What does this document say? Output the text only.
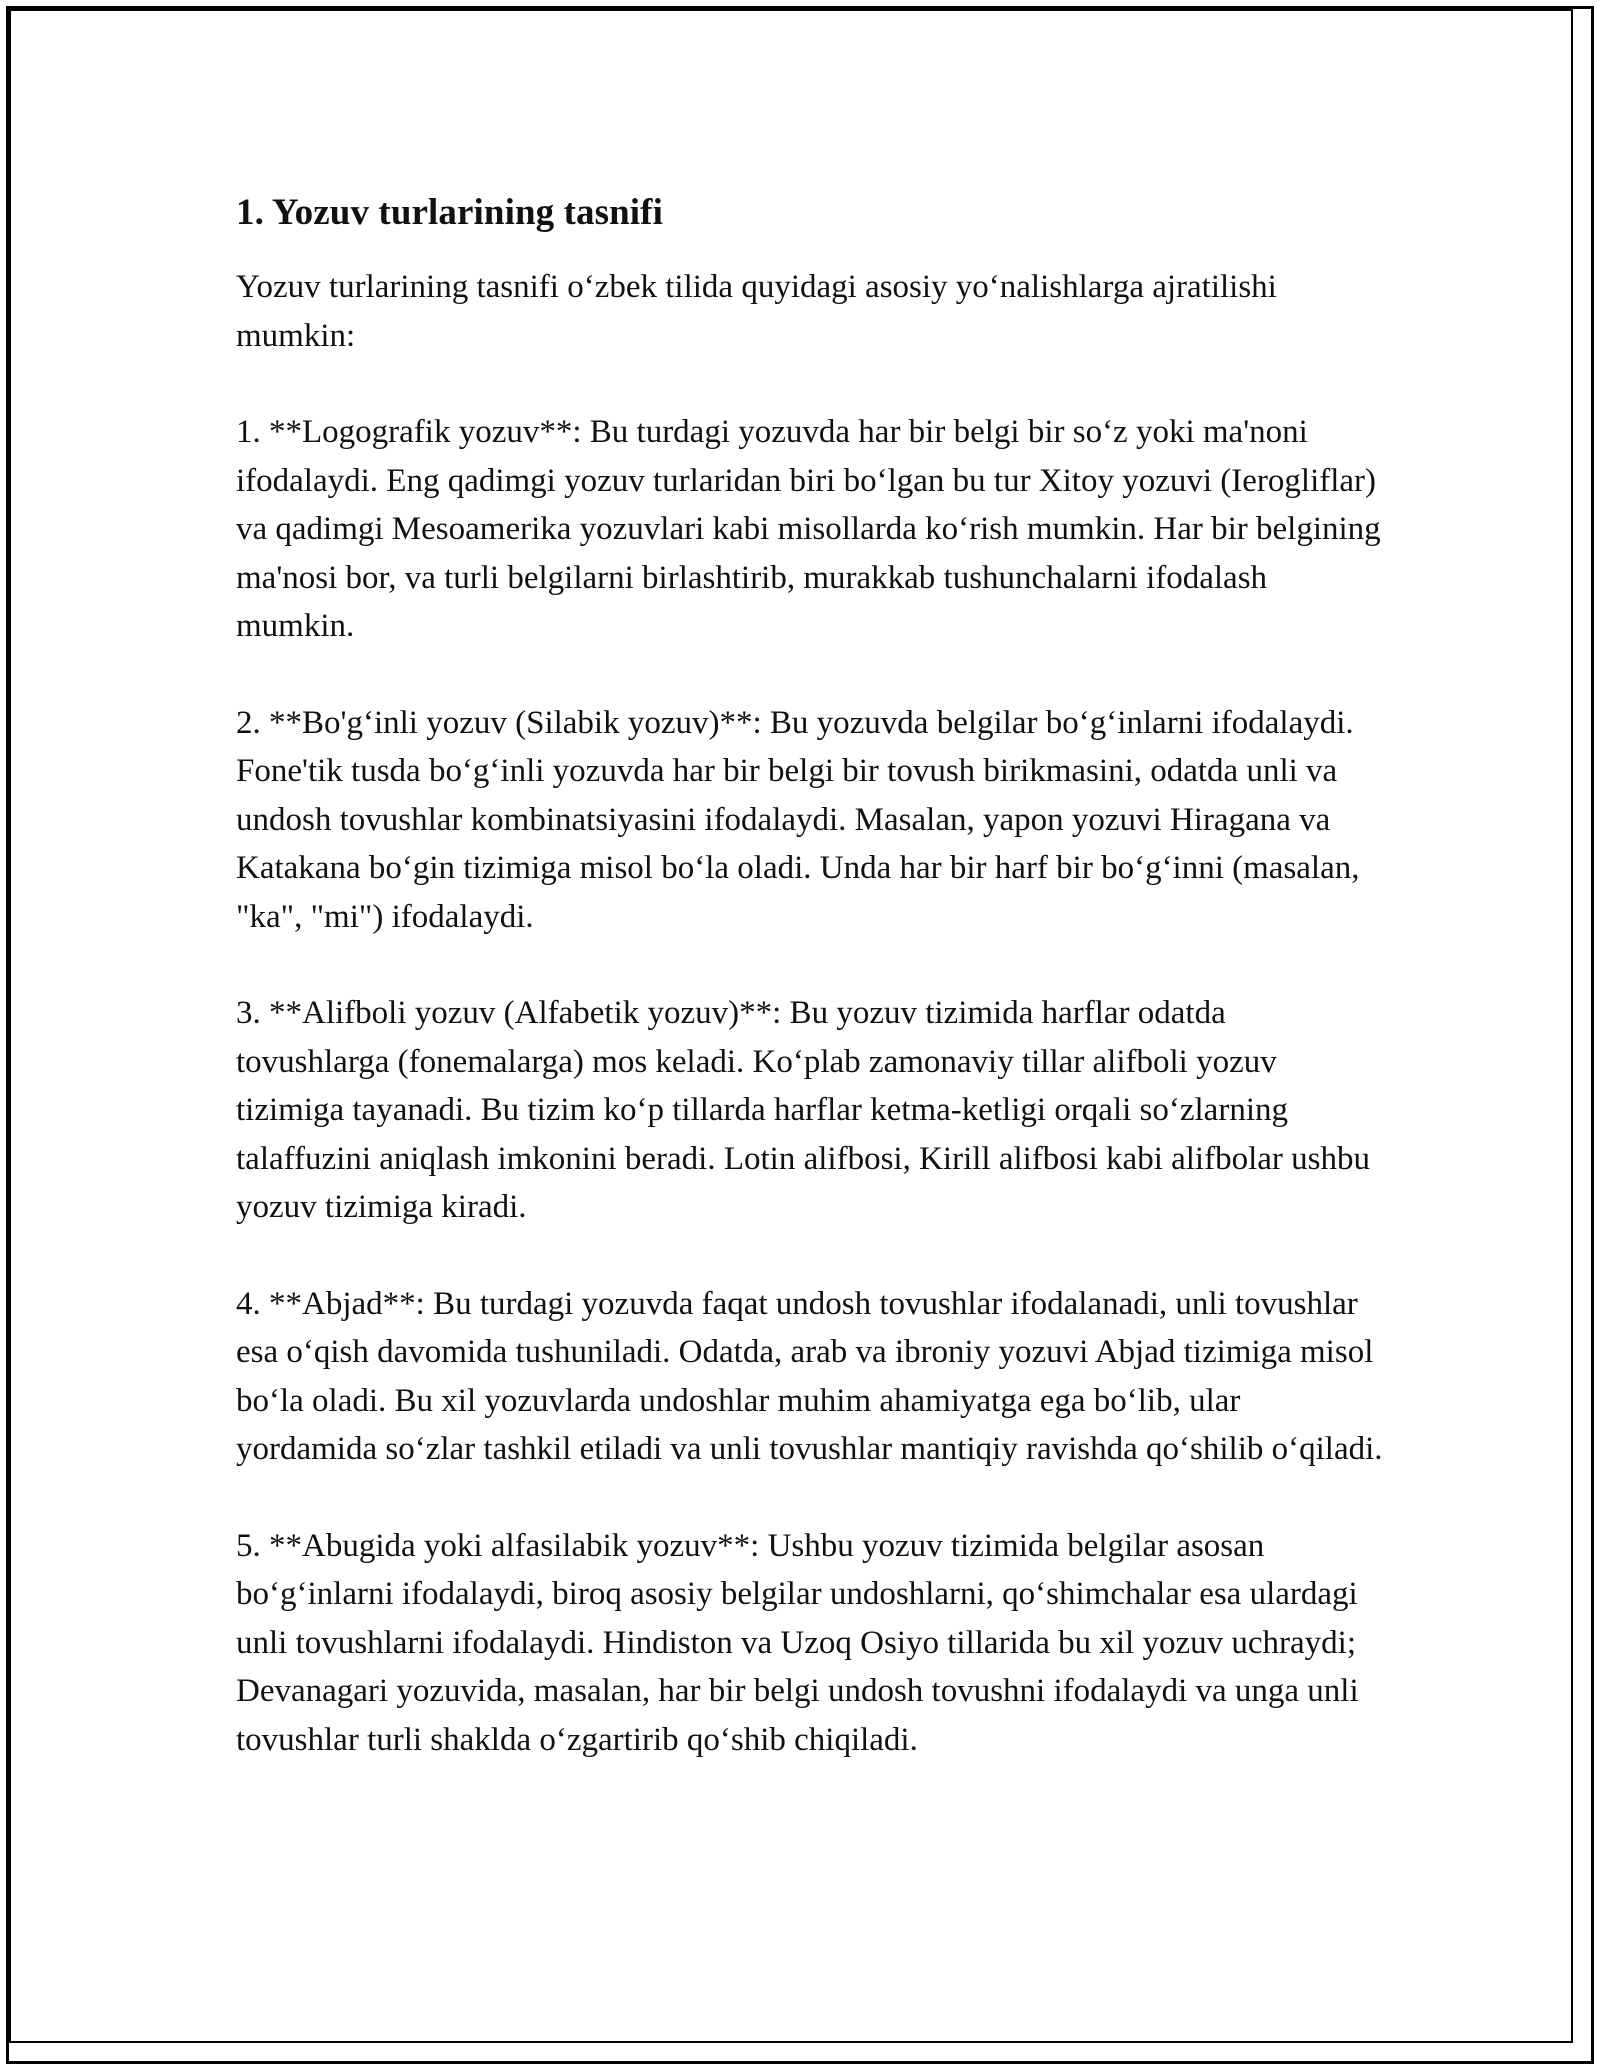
1. Yozuv turlarining tasnifi

Yozuv turlarining tasnifi o‘zbek tilida quyidagi asosiy yo‘nalishlarga ajratilishi mumkin:

1. **Logografik yozuv**: Bu turdagi yozuvda har bir belgi bir so‘z yoki ma'noni ifodalaydi. Eng qadimgi yozuv turlaridan biri bo‘lgan bu tur Xitoy yozuvi (Ierogliflar) va qadimgi Mesoamerika yozuvlari kabi misollarda ko‘rish mumkin. Har bir belgining ma'nosi bor, va turli belgilarni birlashtirib, murakkab tushunchalarni ifodalash mumkin.

2. **Bo'g‘inli yozuv (Silabik yozuv)**: Bu yozuvda belgilar bo‘g‘inlarni ifodalaydi. Fone'tik tusda bo‘g‘inli yozuvda har bir belgi bir tovush birikmasini, odatda unli va undosh tovushlar kombinatsiyasini ifodalaydi. Masalan, yapon yozuvi Hiragana va Katakana bo‘gin tizimiga misol bo‘la oladi. Unda har bir harf bir bo‘g‘inni (masalan, "ka", "mi") ifodalaydi.

3. **Alifboli yozuv (Alfabetik yozuv)**: Bu yozuv tizimida harflar odatda tovushlarga (fonemalarga) mos keladi. Ko‘plab zamonaviy tillar alifboli yozuv tizimiga tayanadi. Bu tizim ko‘p tillarda harflar ketma-ketligi orqali so‘zlarning talaffuzini aniqlash imkonini beradi. Lotin alifbosi, Kirill alifbosi kabi alifbolar ushbu yozuv tizimiga kiradi.

4. **Abjad**: Bu turdagi yozuvda faqat undosh tovushlar ifodalanadi, unli tovushlar esa o‘qish davomida tushuniladi. Odatda, arab va ibroniy yozuvi Abjad tizimiga misol bo‘la oladi. Bu xil yozuvlarda undoshlar muhim ahamiyatga ega bo‘lib, ular yordamida so‘zlar tashkil etiladi va unli tovushlar mantiqiy ravishda qo‘shilib o‘qiladi.

5. **Abugida yoki alfasilabik yozuv**: Ushbu yozuv tizimida belgilar asosan bo‘g‘inlarni ifodalaydi, biroq asosiy belgilar undoshlarni, qo‘shimchalar esa ulardagi unli tovushlarni ifodalaydi. Hindiston va Uzoq Osiyo tillarida bu xil yozuv uchraydi; Devanagari yozuvida, masalan, har bir belgi undosh tovushni ifodalaydi va unga unli tovushlar turli shaklda o‘zgartirib qo‘shib chiqiladi.
